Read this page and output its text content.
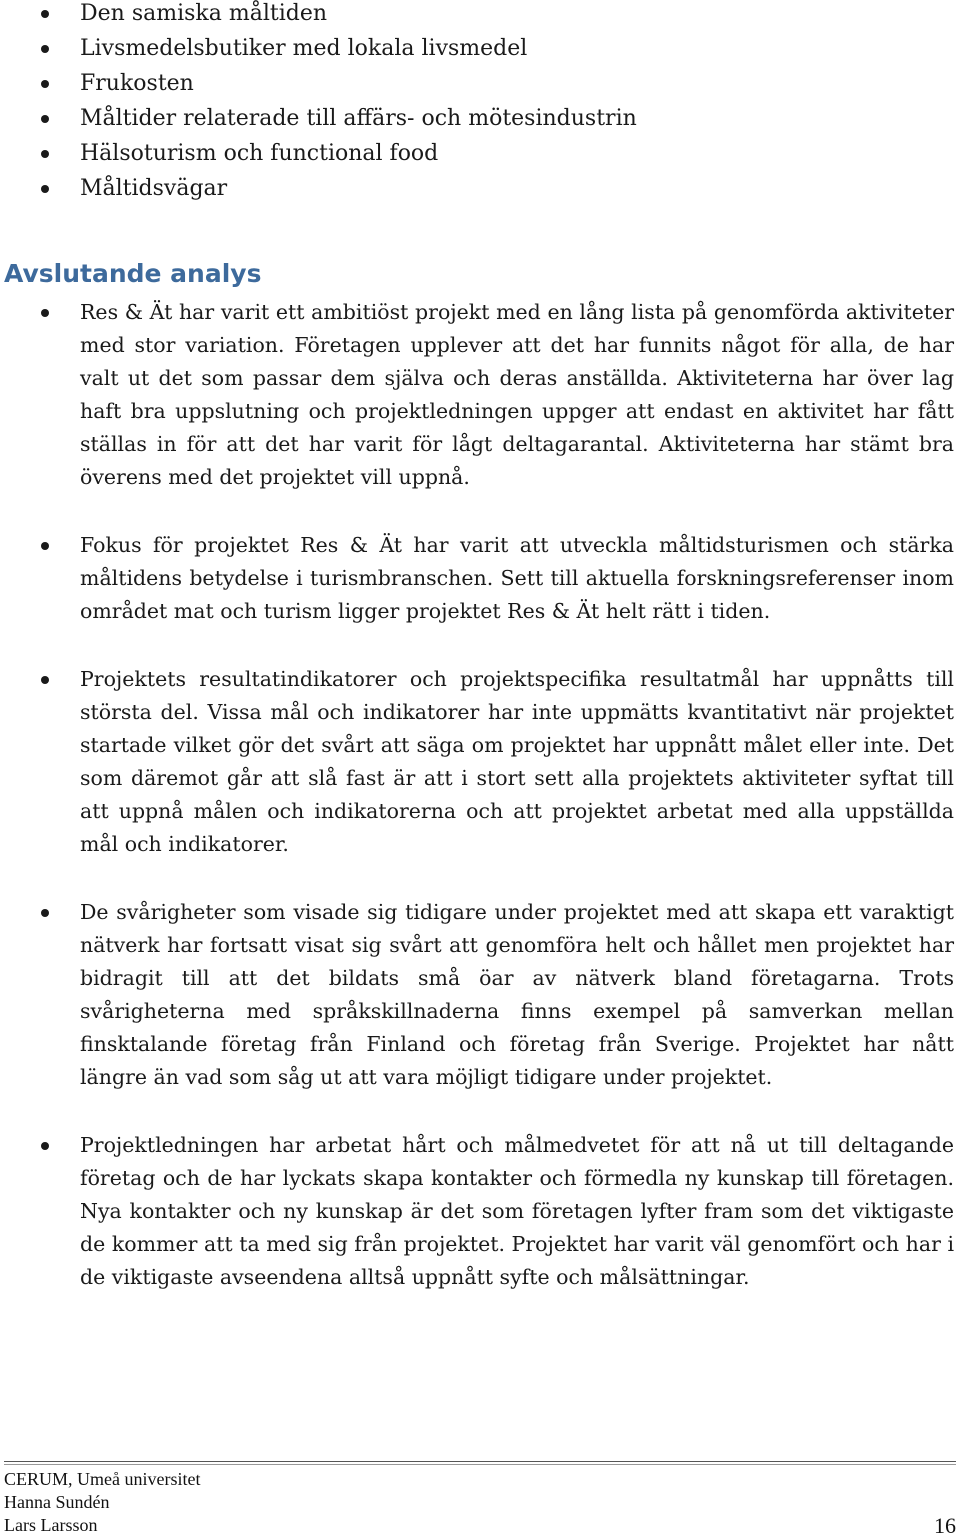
Den samiska måltiden
Livsmedelsbutiker med lokala livsmedel
Frukosten
Måltider relaterade till affärs- och mötesindustrin
Hälsoturism och functional food
Måltidsvägar
Avslutande analys
Res & Ät har varit ett ambitiöst projekt med en lång lista på genomförda aktiviteter med stor variation. Företagen upplever att det har funnits något för alla, de har valt ut det som passar dem själva och deras anställda. Aktiviteterna har över lag haft bra uppslutning och projektledningen uppger att endast en aktivitet har fått ställas in för att det har varit för lågt deltagarantal. Aktiviteterna har stämt bra överens med det projektet vill uppnå.
Fokus för projektet Res & Ät har varit att utveckla måltidsturismen och stärka måltidens betydelse i turismbranschen. Sett till aktuella forskningsreferenser inom området mat och turism ligger projektet Res & Ät helt rätt i tiden.
Projektets resultatindikatorer och projektspecifika resultatmål har uppnåtts till största del. Vissa mål och indikatorer har inte uppmätts kvantitativt när projektet startade vilket gör det svårt att säga om projektet har uppnått målet eller inte. Det som däremot går att slå fast är att i stort sett alla projektets aktiviteter syftat till att uppnå målen och indikatorerna och att projektet arbetat med alla uppställda mål och indikatorer.
De svårigheter som visade sig tidigare under projektet med att skapa ett varaktigt nätverk har fortsatt visat sig svårt att genomföra helt och hållet men projektet har bidragit till att det bildats små öar av nätverk bland företagarna. Trots svårigheterna med språkskillnaderna finns exempel på samverkan mellan finsktalande företag från Finland och företag från Sverige. Projektet har nått längre än vad som såg ut att vara möjligt tidigare under projektet.
Projektledningen har arbetat hårt och målmedvetet för att nå ut till deltagande företag och de har lyckats skapa kontakter och förmedla ny kunskap till företagen. Nya kontakter och ny kunskap är det som företagen lyfter fram som det viktigaste de kommer att ta med sig från projektet. Projektet har varit väl genomfört och har i de viktigaste avseendena alltså uppnått syfte och målsättningar.
CERUM, Umeå universitet
Hanna Sundén
Lars Larsson	16
